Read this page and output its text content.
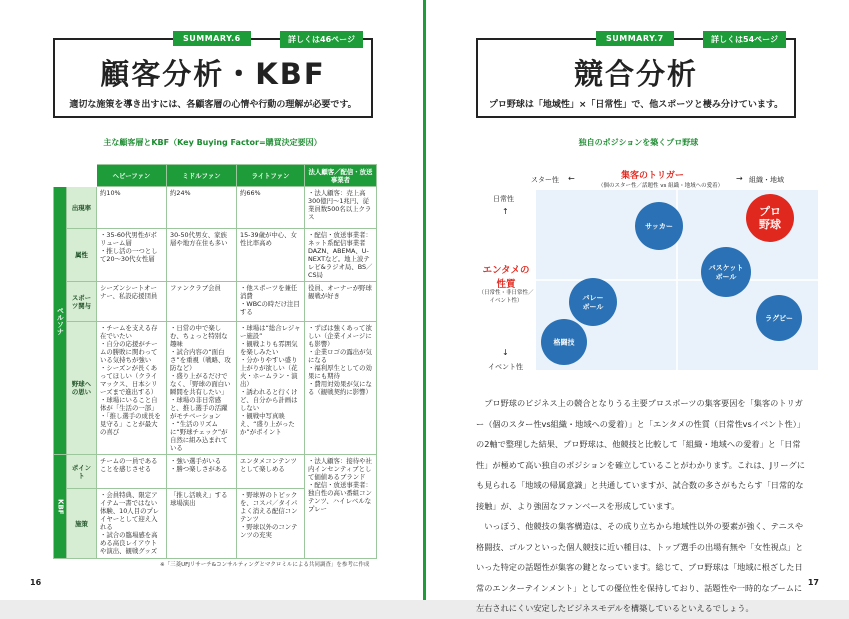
SUMMARY.6	詳しくは46ページ
顧客分析・KBF
適切な施策を導き出すには、各顧客層の心情や行動の理解が必要です。
主な顧客層とKBF（Key Buying Factor=購買決定要因）
		ヘビーファン	ミドルファン	ライトファン	法人顧客／配信・放送事業者
ペルソナ	出現率	約10%	約24%	約66%	・法人顧客：売上高300億円〜1兆円、従業員数500名以上クラス
	属性	・35-60代男性がボリューム層
・推し活の一つとして20〜30代女性層	30-50代男女、家族層や地方在住も多い	15-39歳が中心、女性比率高め	・配信・放送事業者：ネット系配信事業者DAZN、ABEMA、U-NEXTなど。地上波テレビ&ラジオ局、BS／CS局
	スポーツ関与	シーズンシートオーナー、私設応援団員	ファンクラブ会員	・他スポーツを兼任消費
・WBCの時だけ注目する	役員、オーナーが野球観戦が好き
	野球への思い	・チームを支える存在でいたい
・自分の応援がチームの勝敗に関わっている気持ちが強い
・シーズンが長くあってほしい（クライマックス、日本シリーズまで進出する）
・球場にいること自体が「生活の一部」
・「推し選手の成長を見守る」ことが最大の喜び	・日常の中で楽しむ、ちょっと特別な趣味
・試合内容の“面白さ”を重視（戦略、攻防など）
・盛り上がるだけでなく、「野球の面白い瞬間を共有したい」
・球場の非日常感と、推し選手の活躍がモチベーション
・“生活のリズムに“野球チェック”が自然に組み込まれている	・球場は“総合レジャー施設”
・観戦よりも雰囲気を楽しみたい
・分かりやすい盛り上がりが欲しい（花火・ホームラン・演出）
・誘われると行くけど、自分から計画はしない
・観戦中写真映え、“盛り上がったか”がポイント	・ずばは強くあって欲しい（企業イメージにも影響）
・企業ロゴの露出が気になる
・福利厚生としての効果にも期待
・費用対効果が気になる（観戦契約に影響）
KBF	ポイント	チームの一員であることを感じさせる	・強い選手がいる
・勝つ楽しさがある	エンタメコンテンツとして楽しめる	・法人顧客：接待や社内インセンティブとして価値あるブランド
・配信・放送事業者：独自性の高い番組コンテンツ、ハイレベルなプレー
	施策	・会員特典、限定アイテム一書ではない体験、10人目のプレイヤーとして迎え入れる
・試合の臨場感を高める高良レイアウトや演出、観戦グッズ	「推し活映え」する球場演出	・野球界のトピックを、コスパ／タイパよく消える配信コンテンツ
・野球以外のコンテンツの充実	
※「三菱UFJリサーチ&コンサルティングとマクロミルによる共同調査」を参考に作成
16
SUMMARY.7	詳しくは54ページ
競合分析
プロ野球は「地域性」×「日常性」で、他スポーツと棲み分けています。
独自のポジションを築くプロ野球
集客のトリガー
（個のスター性／話題性 vs 組織・地域への愛着）
スター性	組織・地域
←	→
日常性
イベント性
エンタメの性質
（日常性・非日常性／イベント性）
↑
↓
プロ野球
サッカー
バスケットボール
バレーボール
ラグビー
格闘技

プロ野球のビジネス上の競合となりうる主要プロスポーツの集客要因を「集客のトリガー（個のスター性vs組織・地域への愛着）」と「エンタメの性質（日常性vsイベント性）」の2軸で整理した結果、プロ野球は、他競技と比較して「組織・地域への愛着」と「日常性」が極めて高い独自のポジションを確立していることがわかります。これは、Jリーグにも見られる「地域の帰属意識」と共通していますが、試合数の多さがもたらす「日常的な接触」が、より強固なファンベースを形成しています。

いっぽう、他競技の集客構造は、その成り立ちから地域性以外の要素が強く、テニスや格闘技、ゴルフといった個人競技に近い種目は、トップ選手の出場有無や「女性視点」といった特定の話題性が集客の鍵となっています。総じて、プロ野球は「地域に根ざした日常のエンターテインメント」としての優位性を保持しており、話題性や一時的なブームに左右されにくい安定したビジネスモデルを構築しているといえるでしょう。

17
